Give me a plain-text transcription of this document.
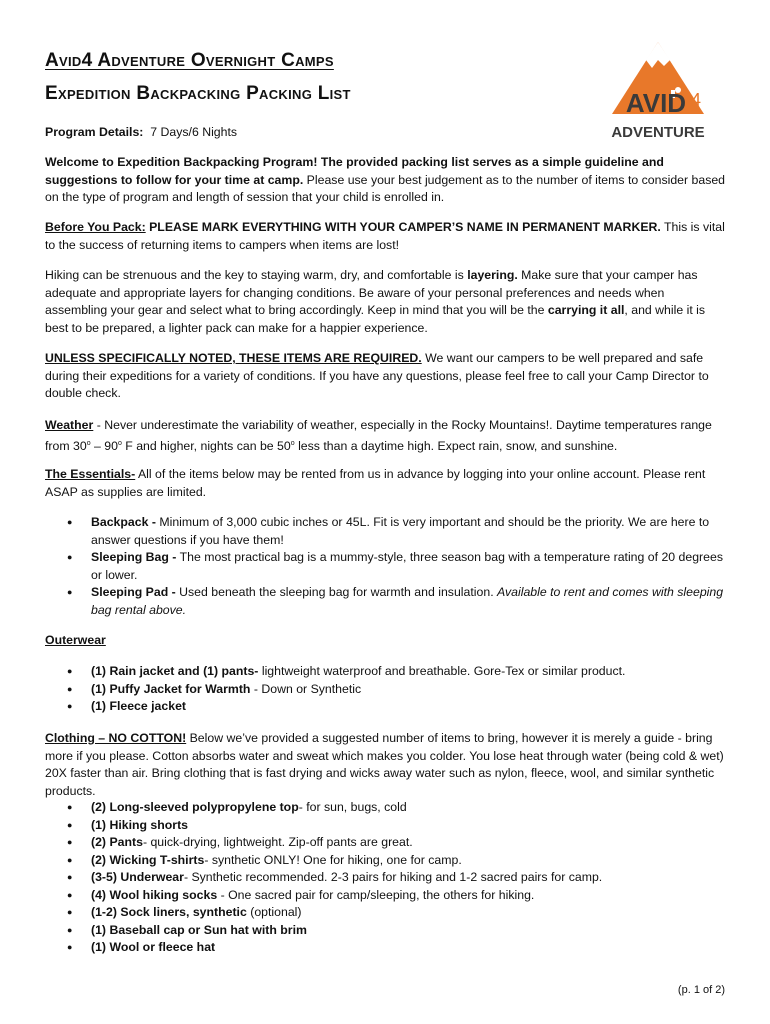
Avid4 Adventure Overnight Camps
Expedition Backpacking Packing List	AVID 4
ADVENTURE

Program Details: 7 Days/6 Nights

Welcome to Expedition Backpacking Program! The provided packing list serves as a simple guideline and suggestions to follow for your time at camp. Please use your best judgement as to the number of items to consider based on the type of program and length of session that your child is enrolled in.

Before You Pack: PLEASE MARK EVERYTHING WITH YOUR CAMPER’S NAME IN PERMANENT MARKER. This is vital to the success of returning items to campers when items are lost!

Hiking can be strenuous and the key to staying warm, dry, and comfortable is layering. Make sure that your camper has adequate and appropriate layers for changing conditions. Be aware of your personal preferences and needs when assembling your gear and select what to bring accordingly. Keep in mind that you will be the carrying it all, and while it is best to be prepared, a lighter pack can make for a happier experience.

UNLESS SPECIFICALLY NOTED, THESE ITEMS ARE REQUIRED. We want our campers to be well prepared and safe during their expeditions for a variety of conditions. If you have any questions, please feel free to call your Camp Director to double check.

Weather - Never underestimate the variability of weather, especially in the Rocky Mountains!. Daytime temperatures range from 30$^o$ – 90$^o$ F and higher, nights can be 50$^o$ less than a daytime high. Expect rain, snow, and sunshine.

The Essentials- All of the items below may be rented from us in advance by logging into your online account. Please rent ASAP as supplies are limited.

● Backpack - Minimum of 3,000 cubic inches or 45L. Fit is very important and should be the priority. We are here to answer questions if you have them!
● Sleeping Bag - The most practical bag is a mummy-style, three season bag with a temperature rating of 20 degrees or lower.
● Sleeping Pad - Used beneath the sleeping bag for warmth and insulation. Available to rent and comes with sleeping bag rental above.

Outerwear

● (1) Rain jacket and (1) pants- lightweight waterproof and breathable. Gore-Tex or similar product.
● (1) Puffy Jacket for Warmth - Down or Synthetic
● (1) Fleece jacket

Clothing – NO COTTON! Below we’ve provided a suggested number of items to bring, however it is merely a guide - bring more if you please. Cotton absorbs water and sweat which makes you colder. You lose heat through water (being cold & wet) 20X faster than air. Bring clothing that is fast drying and wicks away water such as nylon, fleece, wool, and similar synthetic products.

● (2) Long-sleeved polypropylene top- for sun, bugs, cold
● (1) Hiking shorts
● (2) Pants- quick-drying, lightweight. Zip-off pants are great.
● (2) Wicking T-shirts- synthetic ONLY! One for hiking, one for camp.
● (3-5) Underwear- Synthetic recommended. 2-3 pairs for hiking and 1-2 sacred pairs for camp.
● (4) Wool hiking socks - One sacred pair for camp/sleeping, the others for hiking.
● (1-2) Sock liners, synthetic (optional)
● (1) Baseball cap or Sun hat with brim
● (1) Wool or fleece hat
(p. 1 of 2)
